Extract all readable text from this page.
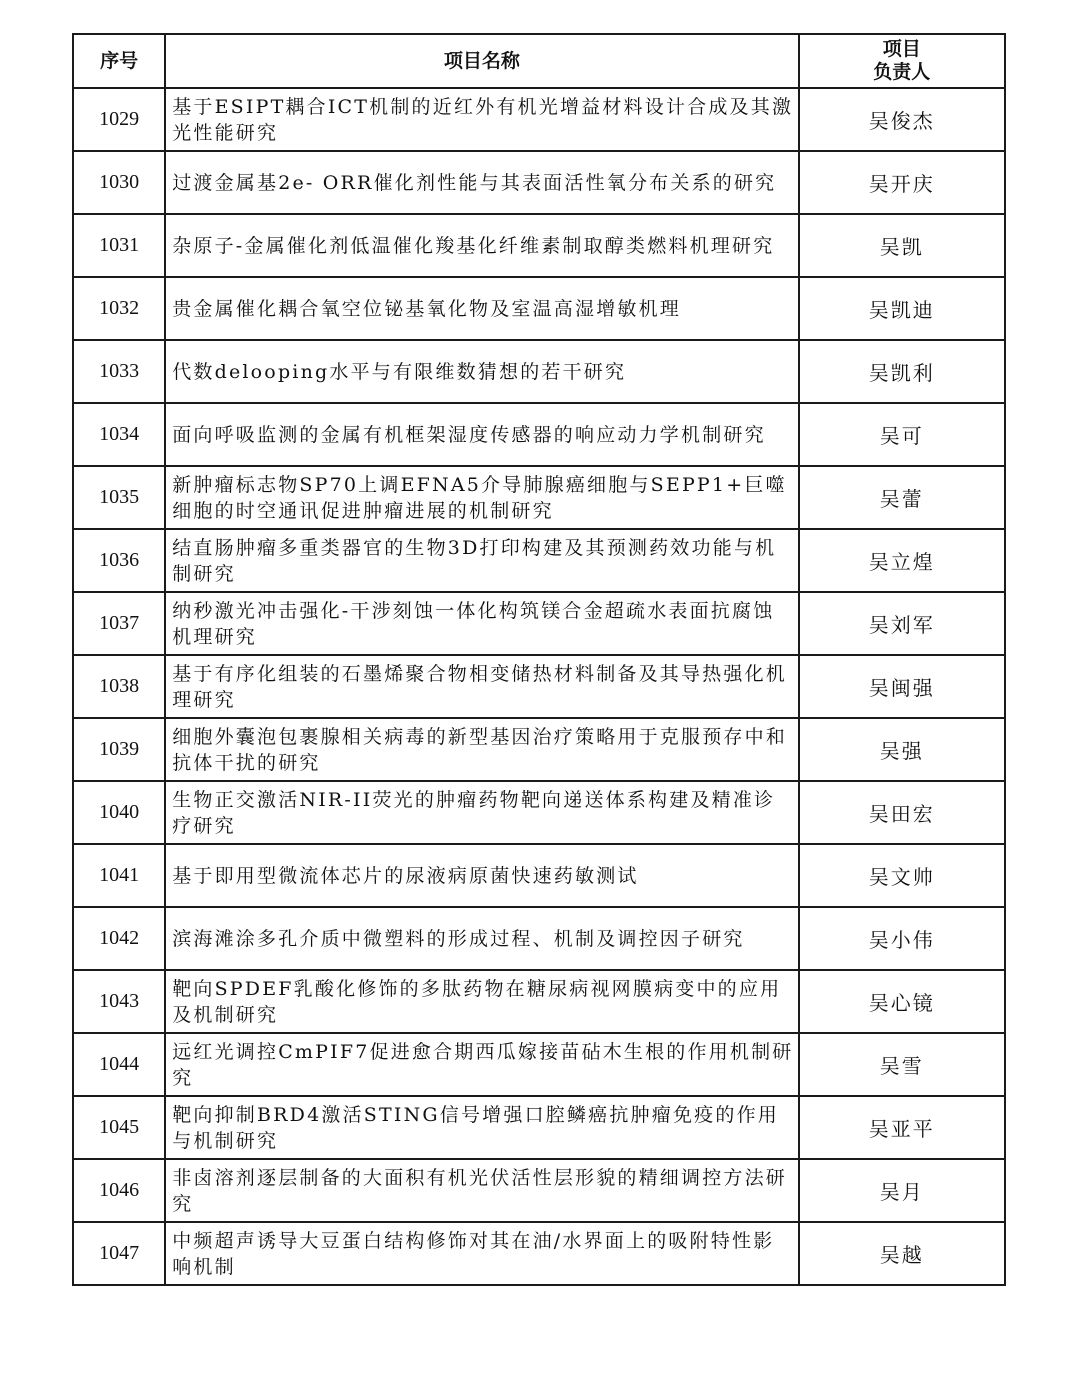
序号	项目名称	项目
负责人

1029	基于ESIPT耦合ICT机制的近红外有机光增益材料设计合成及其激光性能研究	吴俊杰
1030	过渡金属基2e- ORR催化剂性能与其表面活性氧分布关系的研究	吴开庆
1031	杂原子-金属催化剂低温催化羧基化纤维素制取醇类燃料机理研究	吴凯
1032	贵金属催化耦合氧空位铋基氧化物及室温高湿增敏机理	吴凯迪
1033	代数delooping水平与有限维数猜想的若干研究	吴凯利
1034	面向呼吸监测的金属有机框架湿度传感器的响应动力学机制研究	吴可
1035	新肿瘤标志物SP70上调EFNA5介导肺腺癌细胞与SEPP1+巨噬细胞的时空通讯促进肿瘤进展的机制研究	吴蕾
1036	结直肠肿瘤多重类器官的生物3D打印构建及其预测药效功能与机制研究	吴立煌
1037	纳秒激光冲击强化-干涉刻蚀一体化构筑镁合金超疏水表面抗腐蚀机理研究	吴刘军
1038	基于有序化组装的石墨烯聚合物相变储热材料制备及其导热强化机理研究	吴闽强
1039	细胞外囊泡包裹腺相关病毒的新型基因治疗策略用于克服预存中和抗体干扰的研究	吴强
1040	生物正交激活NIR-II荧光的肿瘤药物靶向递送体系构建及精准诊疗研究	吴田宏
1041	基于即用型微流体芯片的尿液病原菌快速药敏测试	吴文帅
1042	滨海滩涂多孔介质中微塑料的形成过程、机制及调控因子研究	吴小伟
1043	靶向SPDEF乳酸化修饰的多肽药物在糖尿病视网膜病变中的应用及机制研究	吴心镜
1044	远红光调控CmPIF7促进愈合期西瓜嫁接苗砧木生根的作用机制研究	吴雪
1045	靶向抑制BRD4激活STING信号增强口腔鳞癌抗肿瘤免疫的作用与机制研究	吴亚平
1046	非卤溶剂逐层制备的大面积有机光伏活性层形貌的精细调控方法研究	吴月
1047	中频超声诱导大豆蛋白结构修饰对其在油/水界面上的吸附特性影响机制	吴越
